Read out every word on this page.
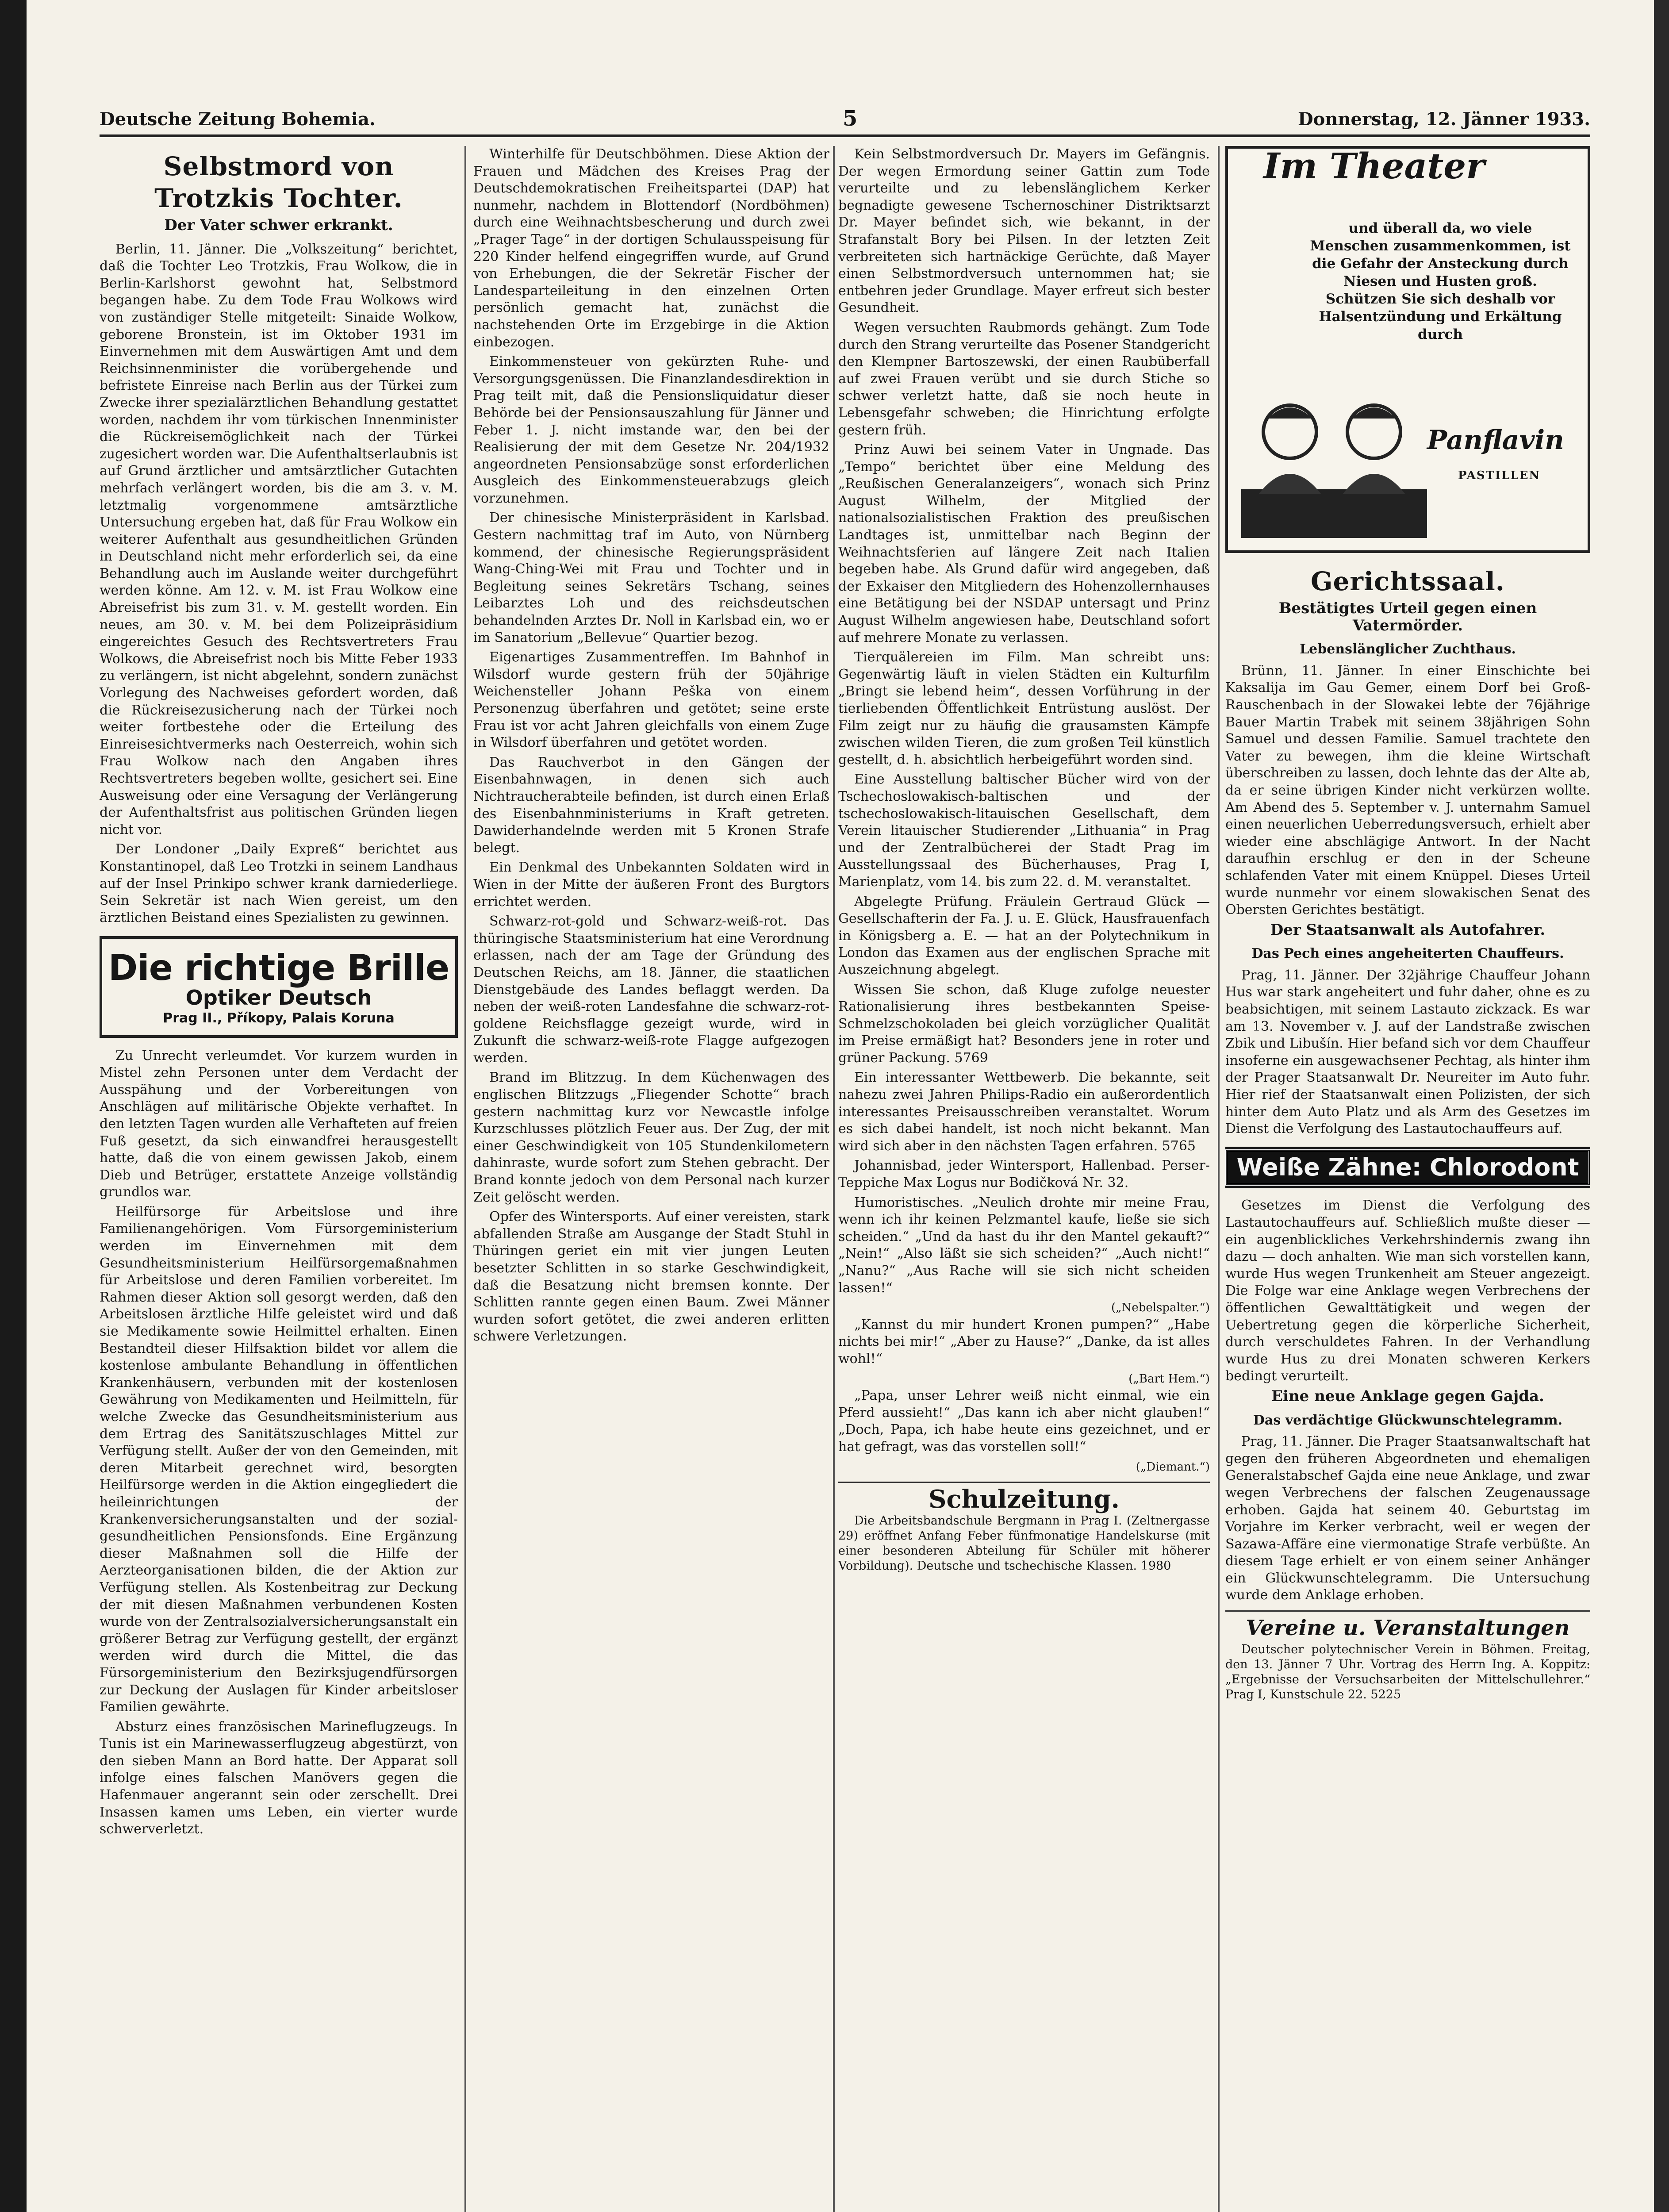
Deutsche Zeitung Bohemia.	5	Donnerstag, 12. Jänner 1933.
Selbstmord von Trotzkis Tochter.
Der Vater schwer erkrankt.

Berlin, 11. Jänner. Die „Volkszeitung“ berichtet, daß die Tochter Leo Trotzkis, Frau Wolkow, die in Berlin-Karlshorst gewohnt hat, Selbstmord begangen habe. Zu dem Tode Frau Wolkows wird von zuständiger Stelle mitgeteilt: Sinaide Wolkow, geborene Bronstein, ist im Oktober 1931 im Einvernehmen mit dem Auswärtigen Amt und dem Reichsinnenminister die vorübergehende und befristete Einreise nach Berlin aus der Türkei zum Zwecke ihrer spezialärztlichen Behandlung gestattet worden, nachdem ihr vom türkischen Innenminister die Rückreisemöglichkeit nach der Türkei zugesichert worden war. Die Aufenthaltserlaubnis ist auf Grund ärztlicher und amtsärztlicher Gutachten mehrfach verlängert worden, bis die am 3. v. M. letztmalig vorgenommene amtsärztliche Untersuchung ergeben hat, daß für Frau Wolkow ein weiterer Aufenthalt aus gesundheitlichen Gründen in Deutschland nicht mehr erforderlich sei, da eine Behandlung auch im Auslande weiter durchgeführt werden könne. Am 12. v. M. ist Frau Wolkow eine Abreisefrist bis zum 31. v. M. gestellt worden. Ein neues, am 30. v. M. bei dem Polizeipräsidium eingereichtes Gesuch des Rechtsvertreters Frau Wolkows, die Abreisefrist noch bis Mitte Feber 1933 zu verlängern, ist nicht abgelehnt, sondern zunächst Vorlegung des Nachweises gefordert worden, daß die Rückreisezusicherung nach der Türkei noch weiter fortbestehe oder die Erteilung des Einreisesichtvermerks nach Oesterreich, wohin sich Frau Wolkow nach den Angaben ihres Rechtsvertreters begeben wollte, gesichert sei. Eine Ausweisung oder eine Versagung der Verlängerung der Aufenthaltsfrist aus politischen Gründen liegen nicht vor.

Der Londoner „Daily Expreß“ berichtet aus Konstantinopel, daß Leo Trotzki in seinem Landhaus auf der Insel Prinkipo schwer krank darniederliege. Sein Sekretär ist nach Wien gereist, um den ärztlichen Beistand eines Spezialisten zu gewinnen.

Die richtige Brille
Optiker Deutsch
Prag II., Příkopy, Palais Koruna

Zu Unrecht verleumdet. Vor kurzem wurden in Mistel zehn Personen unter dem Verdacht der Ausspähung und der Vorbereitungen von Anschlägen auf militärische Objekte verhaftet. In den letzten Tagen wurden alle Verhafteten auf freien Fuß gesetzt, da sich einwandfrei herausgestellt hatte, daß die von einem gewissen Jakob, einem Dieb und Betrüger, erstattete Anzeige vollständig grundlos war.

Heilfürsorge für Arbeitslose und ihre Familienangehörigen. Vom Fürsorgeministerium werden im Einvernehmen mit dem Gesundheitsministerium Heilfürsorgemaßnahmen für Arbeitslose und deren Familien vorbereitet. Im Rahmen dieser Aktion soll gesorgt werden, daß den Arbeitslosen ärztliche Hilfe geleistet wird und daß sie Medikamente sowie Heilmittel erhalten. Einen Bestandteil dieser Hilfsaktion bildet vor allem die kostenlose ambulante Behandlung in öffentlichen Krankenhäusern, verbunden mit der kostenlosen Gewährung von Medikamenten und Heilmitteln, für welche Zwecke das Gesundheitsministerium aus dem Ertrag des Sanitätszuschlages Mittel zur Verfügung stellt. Außer der von den Gemeinden, mit deren Mitarbeit gerechnet wird, besorgten Heilfürsorge werden in die Aktion eingegliedert die heileinrichtungen der Krankenversicherungsanstalten und der sozial-gesundheitlichen Pensionsfonds. Eine Ergänzung dieser Maßnahmen soll die Hilfe der Aerzteorganisationen bilden, die der Aktion zur Verfügung stellen. Als Kostenbeitrag zur Deckung der mit diesen Maßnahmen verbundenen Kosten wurde von der Zentralsozialversicherungsanstalt ein größerer Betrag zur Verfügung gestellt, der ergänzt werden wird durch die Mittel, die das Fürsorgeministerium den Bezirksjugendfürsorgen zur Deckung der Auslagen für Kinder arbeitsloser Familien gewährte.

Absturz eines französischen Marineflugzeugs. In Tunis ist ein Marinewasserflugzeug abgestürzt, von den sieben Mann an Bord hatte. Der Apparat soll infolge eines falschen Manövers gegen die Hafenmauer angerannt sein oder zerschellt. Drei Insassen kamen ums Leben, ein vierter wurde schwerverletzt.

Winterhilfe für Deutschböhmen. Diese Aktion der Frauen und Mädchen des Kreises Prag der Deutschdemokratischen Freiheitspartei (DAP) hat nunmehr, nachdem in Blottendorf (Nordböhmen) durch eine Weihnachtsbescherung und durch zwei „Prager Tage“ in der dortigen Schulausspeisung für 220 Kinder helfend eingegriffen wurde, auf Grund von Erhebungen, die der Sekretär Fischer der Landesparteileitung in den einzelnen Orten persönlich gemacht hat, zunächst die nachstehenden Orte im Erzgebirge in die Aktion einbezogen.

Einkommensteuer von gekürzten Ruhe- und Versorgungsgenüssen. Die Finanzlandesdirektion in Prag teilt mit, daß die Pensionsliquidatur dieser Behörde bei der Pensionsauszahlung für Jänner und Feber 1. J. nicht imstande war, den bei der Realisierung der mit dem Gesetze Nr. 204/1932 angeordneten Pensionsabzüge sonst erforderlichen Ausgleich des Einkommensteuerabzugs gleich vorzunehmen.

Der chinesische Ministerpräsident in Karlsbad. Gestern nachmittag traf im Auto, von Nürnberg kommend, der chinesische Regierungspräsident Wang-Ching-Wei mit Frau und Tochter und in Begleitung seines Sekretärs Tschang, seines Leibarztes Loh und des reichsdeutschen behandelnden Arztes Dr. Noll in Karlsbad ein, wo er im Sanatorium „Bellevue“ Quartier bezog.

Eigenartiges Zusammentreffen. Im Bahnhof in Wilsdorf wurde gestern früh der 50jährige Weichensteller Johann Peška von einem Personenzug überfahren und getötet; seine erste Frau ist vor acht Jahren gleichfalls von einem Zuge in Wilsdorf überfahren und getötet worden.

Das Rauchverbot in den Gängen der Eisenbahnwagen, in denen sich auch Nichtraucherabteile befinden, ist durch einen Erlaß des Eisenbahnministeriums in Kraft getreten. Dawiderhandelnde werden mit 5 Kronen Strafe belegt.

Ein Denkmal des Unbekannten Soldaten wird in Wien in der Mitte der äußeren Front des Burgtors errichtet werden.

Schwarz-rot-gold und Schwarz-weiß-rot. Das thüringische Staatsministerium hat eine Verordnung erlassen, nach der am Tage der Gründung des Deutschen Reichs, am 18. Jänner, die staatlichen Dienstgebäude des Landes beflaggt werden. Da neben der weiß-roten Landesfahne die schwarz-rot-goldene Reichsflagge gezeigt wurde, wird in Zukunft die schwarz-weiß-rote Flagge aufgezogen werden.

Brand im Blitzzug. In dem Küchenwagen des englischen Blitzzugs „Fliegender Schotte“ brach gestern nachmittag kurz vor Newcastle infolge Kurzschlusses plötzlich Feuer aus. Der Zug, der mit einer Geschwindigkeit von 105 Stundenkilometern dahinraste, wurde sofort zum Stehen gebracht. Der Brand konnte jedoch von dem Personal nach kurzer Zeit gelöscht werden.

Opfer des Wintersports. Auf einer vereisten, stark abfallenden Straße am Ausgange der Stadt Stuhl in Thüringen geriet ein mit vier jungen Leuten besetzter Schlitten in so starke Geschwindigkeit, daß die Besatzung nicht bremsen konnte. Der Schlitten rannte gegen einen Baum. Zwei Männer wurden sofort getötet, die zwei anderen erlitten schwere Verletzungen.

Kein Selbstmordversuch Dr. Mayers im Gefängnis. Der wegen Ermordung seiner Gattin zum Tode verurteilte und zu lebenslänglichem Kerker begnadigte gewesene Tschernoschiner Distriktsarzt Dr. Mayer befindet sich, wie bekannt, in der Strafanstalt Bory bei Pilsen. In der letzten Zeit verbreiteten sich hartnäckige Gerüchte, daß Mayer einen Selbstmordversuch unternommen hat; sie entbehren jeder Grundlage. Mayer erfreut sich bester Gesundheit.

Wegen versuchten Raubmords gehängt. Zum Tode durch den Strang verurteilte das Posener Standgericht den Klempner Bartoszewski, der einen Raubüberfall auf zwei Frauen verübt und sie durch Stiche so schwer verletzt hatte, daß sie noch heute in Lebensgefahr schweben; die Hinrichtung erfolgte gestern früh.

Prinz Auwi bei seinem Vater in Ungnade. Das „Tempo“ berichtet über eine Meldung des „Reußischen Generalanzeigers“, wonach sich Prinz August Wilhelm, der Mitglied der nationalsozialistischen Fraktion des preußischen Landtages ist, unmittelbar nach Beginn der Weihnachtsferien auf längere Zeit nach Italien begeben habe. Als Grund dafür wird angegeben, daß der Exkaiser den Mitgliedern des Hohenzollernhauses eine Betätigung bei der NSDAP untersagt und Prinz August Wilhelm angewiesen habe, Deutschland sofort auf mehrere Monate zu verlassen.

Tierquälereien im Film. Man schreibt uns: Gegenwärtig läuft in vielen Städten ein Kulturfilm „Bringt sie lebend heim“, dessen Vorführung in der tierliebenden Öffentlichkeit Entrüstung auslöst. Der Film zeigt nur zu häufig die grausamsten Kämpfe zwischen wilden Tieren, die zum großen Teil künstlich gestellt, d. h. absichtlich herbeigeführt worden sind.

Eine Ausstellung baltischer Bücher wird von der Tschechoslowakisch-baltischen und der tschechoslowakisch-litauischen Gesellschaft, dem Verein litauischer Studierender „Lithuania“ in Prag und der Zentralbücherei der Stadt Prag im Ausstellungssaal des Bücherhauses, Prag I, Marienplatz, vom 14. bis zum 22. d. M. veranstaltet.

Abgelegte Prüfung. Fräulein Gertraud Glück — Gesellschafterin der Fa. J. u. E. Glück, Hausfrauenfach in Königsberg a. E. — hat an der Polytechnikum in London das Examen aus der englischen Sprache mit Auszeichnung abgelegt.

Wissen Sie schon, daß Kluge zufolge neuester Rationalisierung ihres bestbekannten Speise-Schmelzschokoladen bei gleich vorzüglicher Qualität im Preise ermäßigt hat? Besonders jene in roter und grüner Packung. 5769

Ein interessanter Wettbewerb. Die bekannte, seit nahezu zwei Jahren Philips-Radio ein außerordentlich interessantes Preisausschreiben veranstaltet. Worum es sich dabei handelt, ist noch nicht bekannt. Man wird sich aber in den nächsten Tagen erfahren. 5765

Johannisbad, jeder Wintersport, Hallenbad. Perser-Teppiche Max Logus nur Bodičková Nr. 32.

Humoristisches. „Neulich drohte mir meine Frau, wenn ich ihr keinen Pelzmantel kaufe, ließe sie sich scheiden.“ „Und da hast du ihr den Mantel gekauft?“ „Nein!“ „Also läßt sie sich scheiden?“ „Auch nicht!“ „Nanu?“ „Aus Rache will sie sich nicht scheiden lassen!“

(„Nebelspalter.“)

„Kannst du mir hundert Kronen pumpen?“ „Habe nichts bei mir!“ „Aber zu Hause?“ „Danke, da ist alles wohl!“

(„Bart Hem.“)

„Papa, unser Lehrer weiß nicht einmal, wie ein Pferd aussieht!“ „Das kann ich aber nicht glauben!“ „Doch, Papa, ich habe heute eins gezeichnet, und er hat gefragt, was das vorstellen soll!“

(„Diemant.“)
Schulzeitung.

Die Arbeitsbandschule Bergmann in Prag I. (Zeltnergasse 29) eröffnet Anfang Feber fünfmonatige Handelskurse (mit einer besonderen Abteilung für Schüler mit höherer Vorbildung). Deutsche und tschechische Klassen. 1980

Im Theater
und überall da, wo viele Menschen zusammenkommen, ist die Gefahr der Ansteckung durch Niesen und Husten groß. Schützen Sie sich deshalb vor Halsentzündung und Erkältung durch
Panflavin
PASTILLEN
Gerichtssaal.
Bestätigtes Urteil gegen einen Vatermörder.
Lebenslänglicher Zuchthaus.

Brünn, 11. Jänner. In einer Einschichte bei Kaksalija im Gau Gemer, einem Dorf bei Groß-Rauschenbach in der Slowakei lebte der 76jährige Bauer Martin Trabek mit seinem 38jährigen Sohn Samuel und dessen Familie. Samuel trachtete den Vater zu bewegen, ihm die kleine Wirtschaft überschreiben zu lassen, doch lehnte das der Alte ab, da er seine übrigen Kinder nicht verkürzen wollte. Am Abend des 5. September v. J. unternahm Samuel einen neuerlichen Ueberredungsversuch, erhielt aber wieder eine abschlägige Antwort. In der Nacht daraufhin erschlug er den in der Scheune schlafenden Vater mit einem Knüppel. Dieses Urteil wurde nunmehr vor einem slowakischen Senat des Obersten Gerichtes bestätigt.

Der Staatsanwalt als Autofahrer.
Das Pech eines angeheiterten Chauffeurs.

Prag, 11. Jänner. Der 32jährige Chauffeur Johann Hus war stark angeheitert und fuhr daher, ohne es zu beabsichtigen, mit seinem Lastauto zickzack. Es war am 13. November v. J. auf der Landstraße zwischen Zbik und Libušín. Hier befand sich vor dem Chauffeur insoferne ein ausgewachsener Pechtag, als hinter ihm der Prager Staatsanwalt Dr. Neureiter im Auto fuhr. Hier rief der Staatsanwalt einen Polizisten, der sich hinter dem Auto Platz und als Arm des Gesetzes im Dienst die Verfolgung des Lastautochauffeurs auf.

Weiße Zähne: Chlorodont

Gesetzes im Dienst die Verfolgung des Lastautochauffeurs auf. Schließlich mußte dieser — ein augenblickliches Verkehrshindernis zwang ihn dazu — doch anhalten. Wie man sich vorstellen kann, wurde Hus wegen Trunkenheit am Steuer angezeigt. Die Folge war eine Anklage wegen Verbrechens der öffentlichen Gewalttätigkeit und wegen der Uebertretung gegen die körperliche Sicherheit, durch verschuldetes Fahren. In der Verhandlung wurde Hus zu drei Monaten schweren Kerkers bedingt verurteilt.

Eine neue Anklage gegen Gajda.
Das verdächtige Glückwunschtelegramm.

Prag, 11. Jänner. Die Prager Staatsanwaltschaft hat gegen den früheren Abgeordneten und ehemaligen Generalstabschef Gajda eine neue Anklage, und zwar wegen Verbrechens der falschen Zeugenaussage erhoben. Gajda hat seinem 40. Geburtstag im Vorjahre im Kerker verbracht, weil er wegen der Sazawa-Affäre eine viermonatige Strafe verbüßte. An diesem Tage erhielt er von einem seiner Anhänger ein Glückwunschtelegramm. Die Untersuchung wurde dem Anklage erhoben.

Vereine u. Veranstaltungen

Deutscher polytechnischer Verein in Böhmen. Freitag, den 13. Jänner 7 Uhr. Vortrag des Herrn Ing. A. Koppitz: „Ergebnisse der Versuchsarbeiten der Mittelschullehrer.“ Prag I, Kunstschule 22. 5225
